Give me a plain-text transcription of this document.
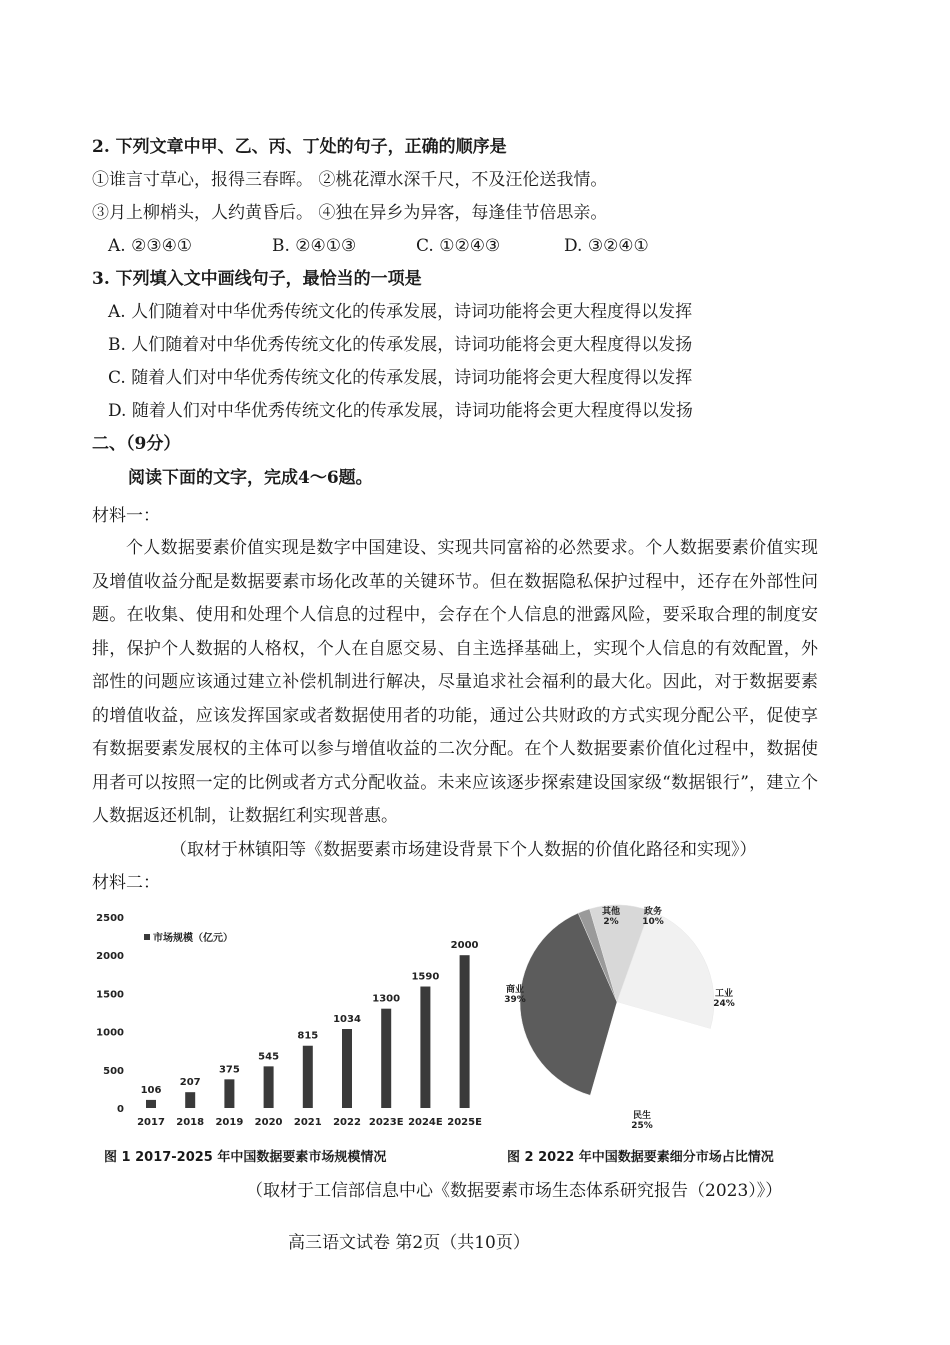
2. 下列文章中甲、乙、丙、丁处的句子，正确的顺序是
①谁言寸草心，报得三春晖。 ②桃花潭水深千尺，不及汪伦送我情。
③月上柳梢头，人约黄昏后。 ④独在异乡为异客，每逢佳节倍思亲。
A. ②③④①	B. ②④①③	C. ①②④③	D. ③②④①
3. 下列填入文中画线句子，最恰当的一项是
A. 人们随着对中华优秀传统文化的传承发展，诗词功能将会更大程度得以发挥
B. 人们随着对中华优秀传统文化的传承发展，诗词功能将会更大程度得以发扬
C. 随着人们对中华优秀传统文化的传承发展，诗词功能将会更大程度得以发挥
D. 随着人们对中华优秀传统文化的传承发展，诗词功能将会更大程度得以发扬
二、（9分）
阅读下面的文字，完成4～6题。
材料一：
个人数据要素价值实现是数字中国建设、实现共同富裕的必然要求。个人数据要素价值实现及增值收益分配是数据要素市场化改革的关键环节。但在数据隐私保护过程中，还存在外部性问题。在收集、使用和处理个人信息的过程中，会存在个人信息的泄露风险，要采取合理的制度安排，保护个人数据的人格权，个人在自愿交易、自主选择基础上，实现个人信息的有效配置，外部性的问题应该通过建立补偿机制进行解决，尽量追求社会福利的最大化。因此，对于数据要素的增值收益，应该发挥国家或者数据使用者的功能，通过公共财政的方式实现分配公平，促使享有数据要素发展权的主体可以参与增值收益的二次分配。在个人数据要素价值化过程中，数据使用者可以按照一定的比例或者方式分配收益。未来应该逐步探索建设国家级“数据银行”，建立个人数据返还机制，让数据红利实现普惠。
（取材于林镇阳等《数据要素市场建设背景下个人数据的价值化路径和实现》）
材料二：
0
500
1000
1500
2000
2500
市场规模（亿元）
106
2017
207
2018
375
2019
545
2020
815
2021
1034
2022
1300
2023E
1590
2024E
2000
2025E
商业
39%
其他
2%
政务
10%
工业
24%
民生
25%
图 1 2017-2025 年中国数据要素市场规模情况	图 2 2022 年中国数据要素细分市场占比情况
（取材于工信部信息中心《数据要素市场生态体系研究报告（2023）》）
高三语文试卷 第2页（共10页）
